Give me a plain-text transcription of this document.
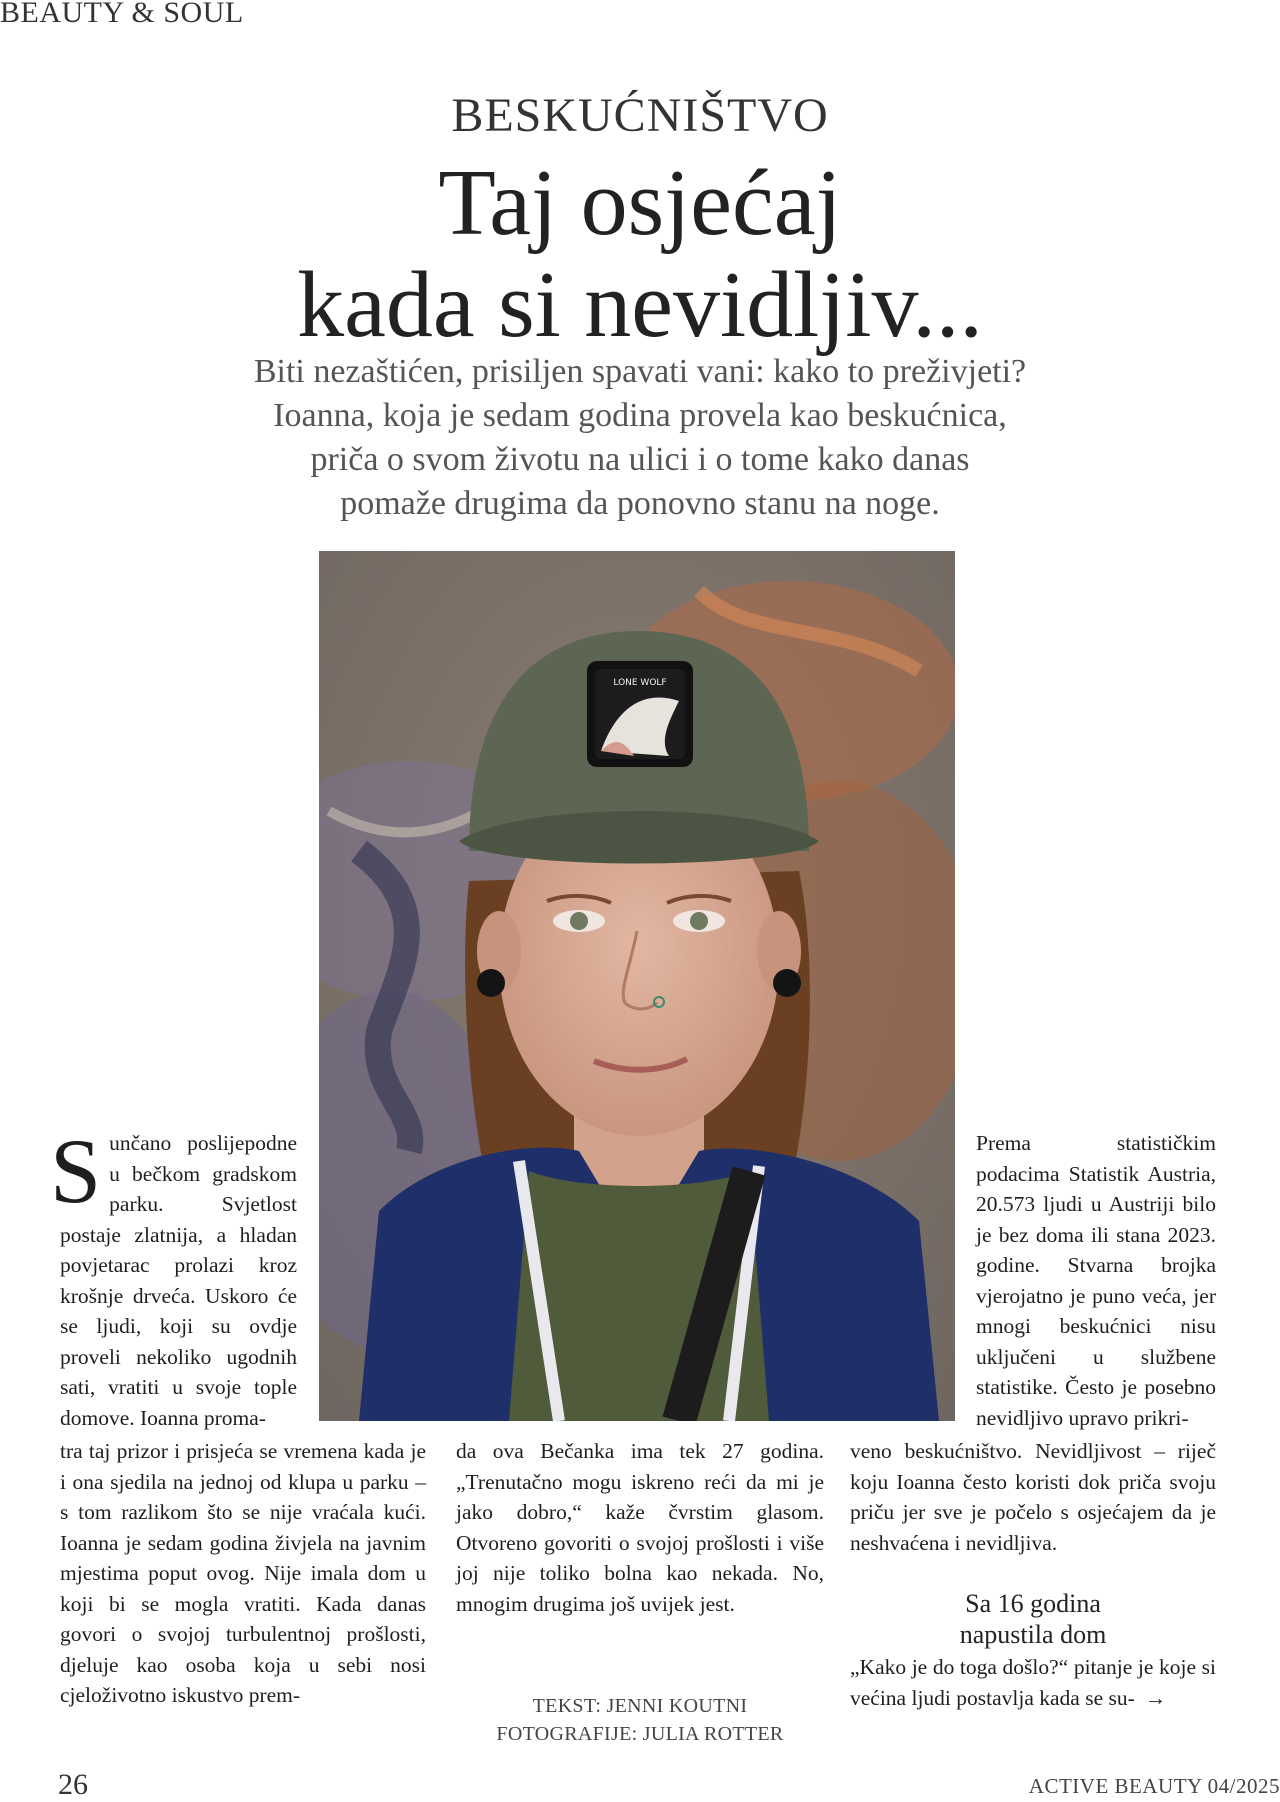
BEAUTY & SOUL
BESKUĆNIŠTVO
Taj osjećaj
kada si nevidljiv...
Biti nezaštićen, prisiljen spavati vani: kako to preživjeti?
Ioanna, koja je sedam godina provela kao beskućnica,
priča o svom životu na ulici i o tome kako danas
pomaže drugima da ponovno stanu na noge.
LONE WOLF

Sunčano poslijepodne u bečkom gradskom parku. Svjetlost postaje zlatnija, a hladan povjetarac prolazi kroz krošnje drveća. Uskoro će se ljudi, koji su ovdje proveli nekoliko ugodnih sati, vratiti u svoje tople domove. Ioanna proma-

tra taj prizor i prisjeća se vremena kada je i ona sjedila na jednoj od klupa u parku – s tom razlikom što se nije vraćala kući. Ioanna je sedam godina živjela na javnim mjestima poput ovog. Nije imala dom u koji bi se mogla vratiti. Kada danas govori o svojoj turbulentnoj prošlosti, djeluje kao osoba koja u sebi nosi cjeloživotno iskustvo prem-

da ova Bečanka ima tek 27 godina. „Trenutačno mogu iskreno reći da mi je jako dobro,“ kaže čvrstim glasom. Otvoreno govoriti o svojoj prošlosti i više joj nije toliko bolna kao nekada. No, mnogim drugima još uvijek jest.

Prema statističkim podacima Statistik Austria, 20.573 ljudi u Austriji bilo je bez doma ili stana 2023. godine. Stvarna brojka vjerojatno je puno veća, jer mnogi beskućnici nisu uključeni u službene statistike. Često je posebno nevidljivo upravo prikri-

veno beskućništvo. Nevidljivost – riječ koju Ioanna često koristi dok priča svoju priču jer sve je počelo s osjećajem da je neshvaćena i nevidljiva.

Sa 16 godina
napustila dom

„Kako je do toga došlo?“ pitanje je koje si većina ljudi postavlja kada se su- →

TEKST: JENNI KOUTNI
FOTOGRAFIJE: JULIA ROTTER
26	ACTIVE BEAUTY 04/2025
